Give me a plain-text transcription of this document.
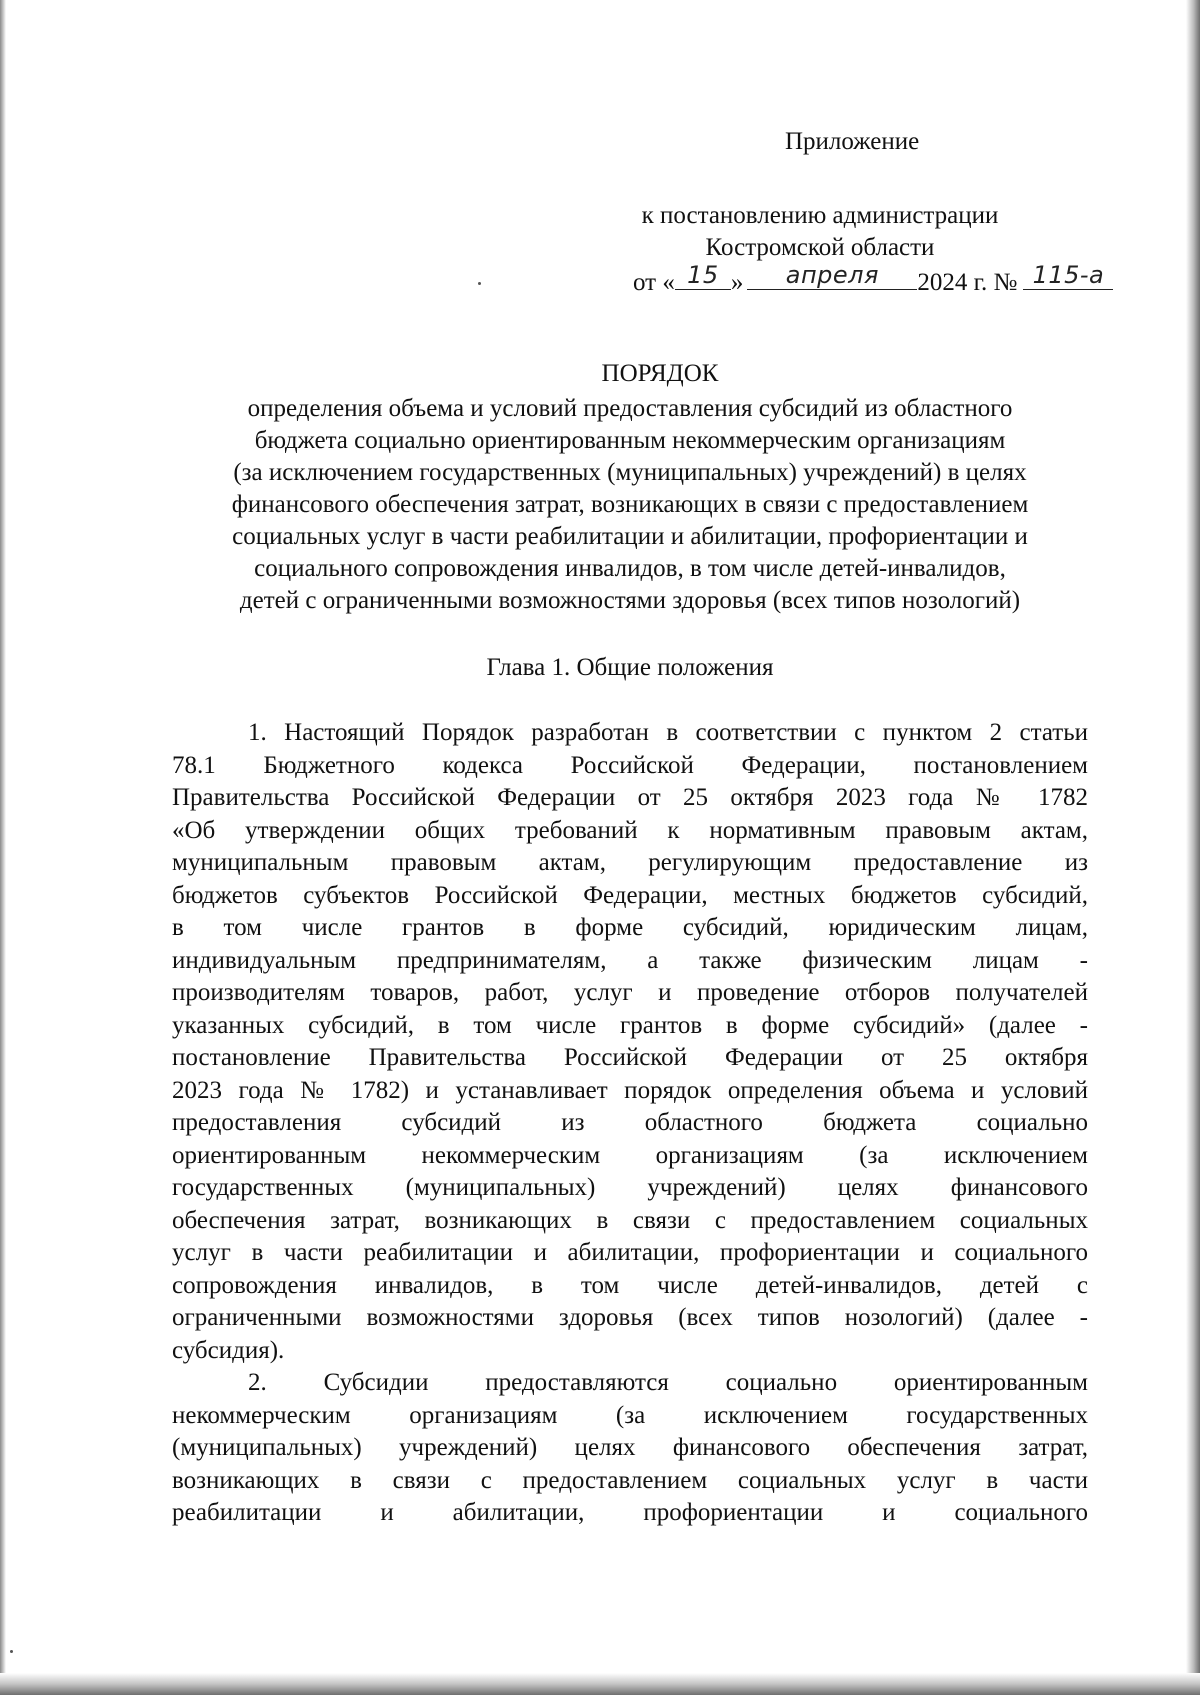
Приложение
к постановлению администрации
Костромской области
от « 15 »	апреля	2024 г. № 115-а
ПОРЯДОК
определения объема и условий предоставления субсидий из областного
бюджета социально ориентированным некоммерческим организациям
(за исключением государственных (муниципальных) учреждений) в целях
финансового обеспечения затрат, возникающих в связи с предоставлением
социальных услуг в части реабилитации и абилитации, профориентации и
социального сопровождения инвалидов, в том числе детей-инвалидов,
детей с ограниченными возможностями здоровья (всех типов нозологий)
Глава 1. Общие положения
1. Настоящий Порядок разработан в соответствии с пунктом 2 статьи
78.1 Бюджетного кодекса Российской Федерации, постановлением
Правительства Российской Федерации от 25 октября 2023 года № 1782
«Об утверждении общих требований к нормативным правовым актам,
муниципальным правовым актам, регулирующим предоставление из
бюджетов субъектов Российской Федерации, местных бюджетов субсидий,
в том числе грантов в форме субсидий, юридическим лицам,
индивидуальным предпринимателям, а также физическим лицам -
производителям товаров, работ, услуг и проведение отборов получателей
указанных субсидий, в том числе грантов в форме субсидий» (далее -
постановление Правительства Российской Федерации от 25 октября
2023 года № 1782) и устанавливает порядок определения объема и условий
предоставления субсидий из областного бюджета социально
ориентированным некоммерческим организациям (за исключением
государственных (муниципальных) учреждений) целях финансового
обеспечения затрат, возникающих в связи с предоставлением социальных
услуг в части реабилитации и абилитации, профориентации и социального
сопровождения инвалидов, в том числе детей-инвалидов, детей с
ограниченными возможностями здоровья (всех типов нозологий) (далее -
субсидия).
2. Субсидии предоставляются социально ориентированным
некоммерческим организациям (за исключением государственных
(муниципальных) учреждений) целях финансового обеспечения затрат,
возникающих в связи с предоставлением социальных услуг в части
реабилитации и абилитации, профориентации и социального
